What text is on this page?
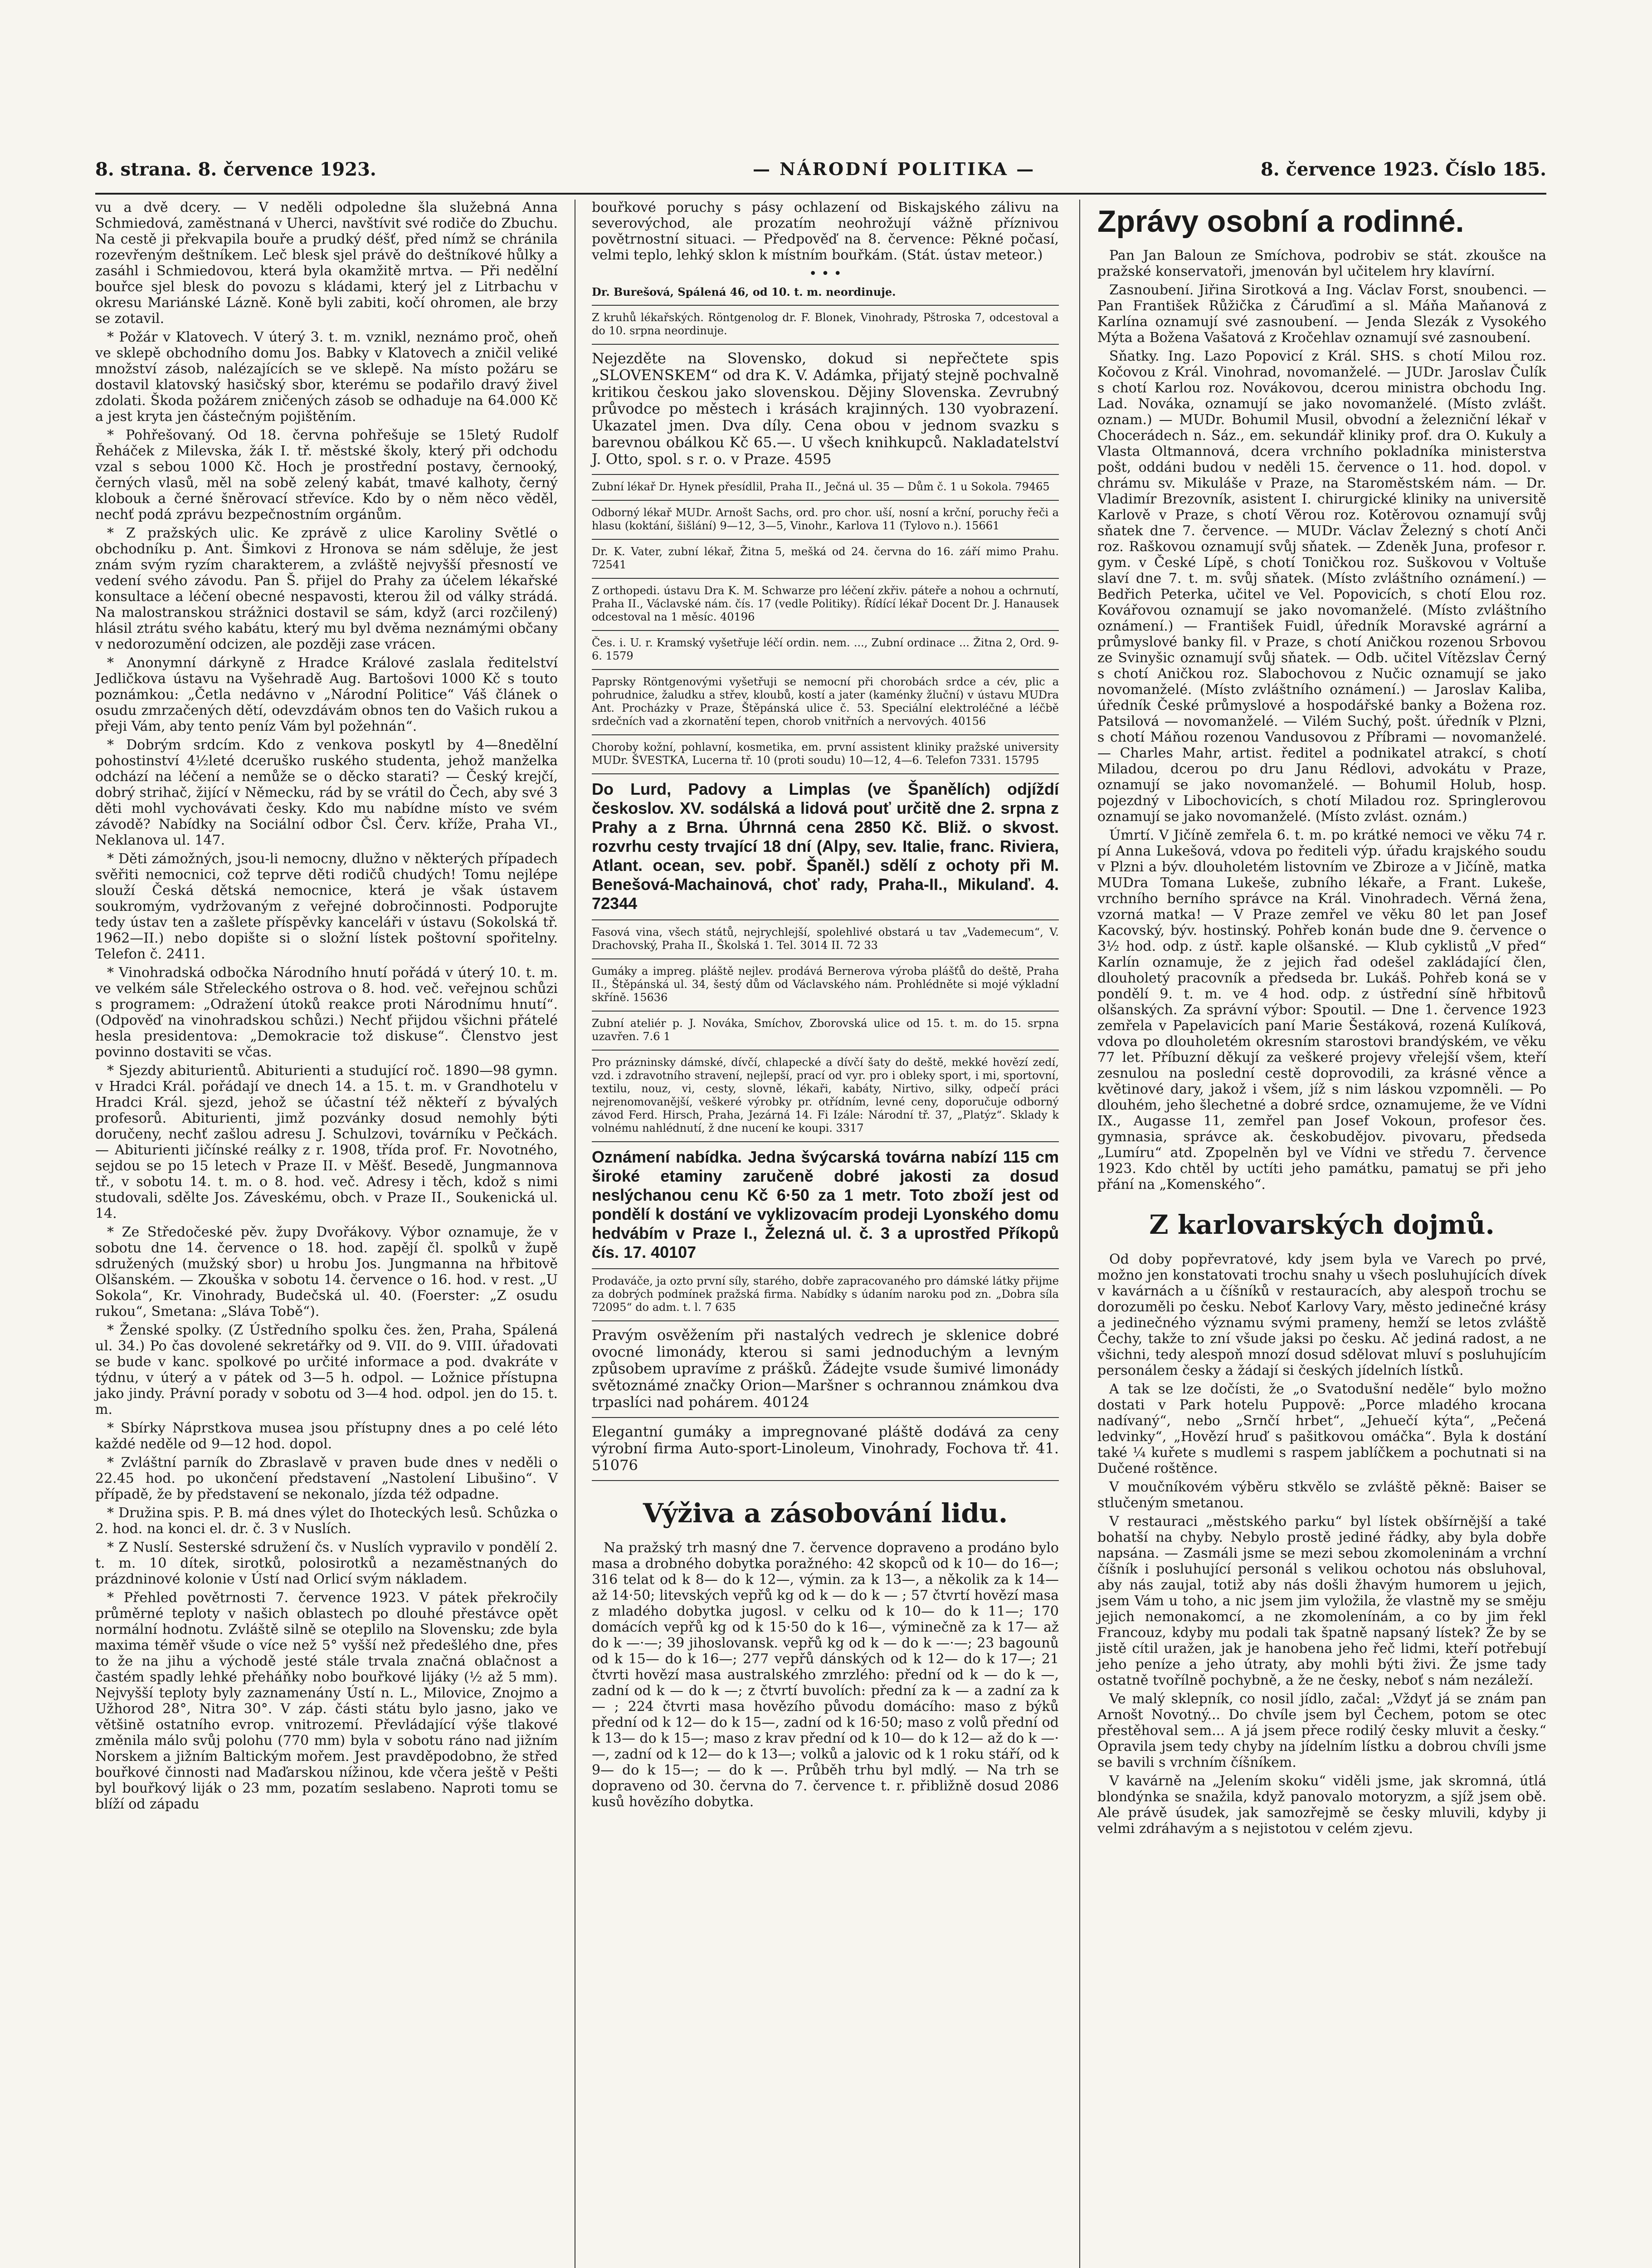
8. strana. 8. července 1923.	— NÁRODNÍ POLITIKA —	8. července 1923. Číslo 185.

vu a dvě dcery. — V neděli odpoledne šla služebná Anna Schmiedová, zaměstnaná v Uherci, navštívit své rodiče do Zbuchu. Na cestě ji překvapila bouře a prudký déšť, před nímž se chránila rozevřeným deštníkem. Leč blesk sjel právě do deštníkové hůlky a zasáhl i Schmiedovou, která byla okamžitě mrtva. — Při nedělní bouřce sjel blesk do povozu s kládami, který jel z Litrbachu v okresu Mariánské Lázně. Koně byli zabiti, kočí ohromen, ale brzy se zotavil.

* Požár v Klatovech. V úterý 3. t. m. vznikl, neznámo proč, oheň ve sklepě obchodního domu Jos. Babky v Klatovech a zničil veliké množství zásob, nalézajících se ve sklepě. Na místo požáru se dostavil klatovský hasičský sbor, kterému se podařilo dravý živel zdolati. Škoda požárem zničených zásob se odhaduje na 64.000 Kč a jest kryta jen částečným pojištěním.

* Pohřešovaný. Od 18. června pohřešuje se 15letý Rudolf Řeháček z Milevska, žák I. tř. městské školy, který při odchodu vzal s sebou 1000 Kč. Hoch je prostřední postavy, černooký, černých vlasů, měl na sobě zelený kabát, tmavé kalhoty, černý klobouk a černé šněrovací střevíce. Kdo by o něm něco věděl, nechť podá zprávu bezpečnostním orgánům.

* Z pražských ulic. Ke zprávě z ulice Karoliny Světlé o obchodníku p. Ant. Šimkovi z Hronova se nám sděluje, že jest znám svým ryzím charakterem, a zvláště nejvyšší přesností ve vedení svého závodu. Pan Š. přijel do Prahy za účelem lékařské konsultace a léčení obecné nespavosti, kterou žil od války strádá. Na malostranskou strážnici dostavil se sám, když (arci rozčilený) hlásil ztrátu svého kabátu, který mu byl dvěma neznámými občany v nedorozumění odcizen, ale později zase vrácen.

* Anonymní dárkyně z Hradce Králové zaslala ředitelství Jedličkova ústavu na Vyšehradě Aug. Bartošovi 1000 Kč s touto poznámkou: „Četla nedávno v „Národní Politice“ Váš článek o osudu zmrzačených dětí, odevzdávám obnos ten do Vašich rukou a přeji Vám, aby tento peníz Vám byl požehnán“.

* Dobrým srdcím. Kdo z venkova poskytl by 4—8nedělní pohostinství 4½leté dceruško ruského studenta, jehož manželka odchází na léčení a nemůže se o děcko starati? — Český krejčí, dobrý strihač, žijící v Německu, rád by se vrátil do Čech, aby své 3 děti mohl vychovávati česky. Kdo mu nabídne místo ve svém závodě? Nabídky na Sociální odbor Čsl. Červ. kříže, Praha VI., Neklanova ul. 147.

* Děti zámožných, jsou-li nemocny, dlužno v některých případech svěřiti nemocnici, což teprve děti rodičů chudých! Tomu nejlépe slouží Česká dětská nemocnice, která je však ústavem soukromým, vydržovaným z veřejné dobročinnosti. Podporujte tedy ústav ten a zašlete příspěvky kanceláři v ústavu (Sokolská tř. 1962—II.) nebo dopište si o složní lístek poštovní spořitelny. Telefon č. 2411.

* Vinohradská odbočka Národního hnutí pořádá v úterý 10. t. m. ve velkém sále Střeleckého ostrova o 8. hod. več. veřejnou schůzi s programem: „Odražení útoků reakce proti Národnímu hnutí“. (Odpověď na vinohradskou schůzi.) Nechť přijdou všichni přátelé hesla presidentova: „Demokracie tož diskuse“. Členstvo jest povinno dostaviti se včas.

* Sjezdy abiturientů. Abiturienti a studující roč. 1890—98 gymn. v Hradci Král. pořádají ve dnech 14. a 15. t. m. v Grandhotelu v Hradci Král. sjezd, jehož se účastní též někteří z bývalých profesorů. Abiturienti, jimž pozvánky dosud nemohly býti doručeny, nechť zašlou adresu J. Schulzovi, továrníku v Pečkách. — Abiturienti jičínské reálky z r. 1908, třída prof. Fr. Novotného, sejdou se po 15 letech v Praze II. v Měšť. Besedě, Jungmannova tř., v sobotu 14. t. m. o 8. hod. več. Adresy i těch, kdož s nimi studovali, sdělte Jos. Záveskému, obch. v Praze II., Soukenická ul. 14.

* Ze Středočeské pěv. župy Dvořákovy. Výbor oznamuje, že v sobotu dne 14. července o 18. hod. zapějí čl. spolků v župě sdružených (mužský sbor) u hrobu Jos. Jungmanna na hřbitově Olšanském. — Zkouška v sobotu 14. července o 16. hod. v rest. „U Sokola“, Kr. Vinohrady, Budečská ul. 40. (Foerster: „Z osudu rukou“, Smetana: „Sláva Tobě“).

* Ženské spolky. (Z Ústředního spolku čes. žen, Praha, Spálená ul. 34.) Po čas dovolené sekretářky od 9. VII. do 9. VIII. úřadovati se bude v kanc. spolkové po určité informace a pod. dvakráte v týdnu, v úterý a v pátek od 3—5 h. odpol. — Ložnice přístupna jako jindy. Právní porady v sobotu od 3—4 hod. odpol. jen do 15. t. m.

* Sbírky Náprstkova musea jsou přístupny dnes a po celé léto každé neděle od 9—12 hod. dopol.

* Zvláštní parník do Zbraslavě v praven bude dnes v neděli o 22.45 hod. po ukončení představení „Nastolení Libušino“. V případě, že by představení se nekonalo, jízda též odpadne.

* Družina spis. P. B. má dnes výlet do Ihoteckých lesů. Schůzka o 2. hod. na konci el. dr. č. 3 v Nuslích.

* Z Nuslí. Sesterské sdružení čs. v Nuslích vypravilo v pondělí 2. t. m. 10 dítek, sirotků, polosirotků a nezaměstnaných do prázdninové kolonie v Ústí nad Orlicí svým nákladem.

* Přehled povětrnosti 7. července 1923. V pátek překročily průměrné teploty v našich oblastech po dlouhé přestávce opět normální hodnotu. Zvláště silně se oteplilo na Slovensku; zde byla maxima téměř všude o více než 5° vyšší než předešlého dne, přes to že na jihu a východě jesté stále trvala značná oblačnost a častém spadly lehké přeháňky nobo bouřkové lijáky (½ až 5 mm). Nejvyšší teploty byly zaznamenány Ústí n. L., Milovice, Znojmo a Užhorod 28°, Nitra 30°. V záp. části státu bylo jasno, jako ve většině ostatního evrop. vnitrozemí. Převládající výše tlakové změnila málo svůj polohu (770 mm) byla v sobotu ráno nad jižním Norskem a jižním Baltickým mořem. Jest pravděpodobno, že střed bouřkové činnosti nad Maďarskou nížinou, kde včera ještě v Pešti byl bouřkový liják o 23 mm, pozatím seslabeno. Naproti tomu se blíží od západu

bouřkové poruchy s pásy ochlazení od Biskajského zálivu na severovýchod, ale prozatím neohrožují vážně příznivou povětrnostní situaci. — Předpověď na 8. července: Pěkné počasí, velmi teplo, lehký sklon k místním bouřkám. (Stát. ústav meteor.)

• • •

Dr. Burešová, Spálená 46, od 10. t. m. neordinuje.

Z kruhů lékařských. Röntgenolog dr. F. Blonek, Vinohrady, Pštroska 7, odcestoval a do 10. srpna neordinuje.

Nejezděte na Slovensko, dokud si nepřečtete spis „SLOVENSKEM“ od dra K. V. Adámka, přijatý stejně pochvalně kritikou českou jako slovenskou. Dějiny Slovenska. Zevrubný průvodce po městech i krásách krajinných. 130 vyobrazení. Ukazatel jmen. Dva díly. Cena obou v jednom svazku s barevnou obálkou Kč 65.—. U všech knihkupců. Nakladatelství J. Otto, spol. s r. o. v Praze. 4595

Zubní lékař Dr. Hynek přesídlil, Praha II., Ječná ul. 35 — Dům č. 1 u Sokola. 79465

Odborný lékař MUDr. Arnošt Sachs, ord. pro chor. uší, nosní a krční, poruchy řeči a hlasu (koktání, šišlání) 9—12, 3—5, Vinohr., Karlova 11 (Tylovo n.). 15661

Dr. K. Vater, zubní lékař, Žitna 5, mešká od 24. června do 16. září mimo Prahu. 72541

Z orthopedi. ústavu Dra K. M. Schwarze pro léčení zkřiv. páteře a nohou a ochrnutí, Praha II., Václavské nám. čís. 17 (vedle Politiky). Řídící lékař Docent Dr. J. Hanausek odcestoval na 1 měsíc. 40196

Čes. i. U. r. Kramský vyšetřuje léčí ordin. nem. ..., Zubní ordinace ... Žitna 2, Ord. 9-6. 1579

Paprsky Röntgenovými vyšetřuji se nemocní při chorobách srdce a cév, plic a pohrudnice, žaludku a střev, kloubů, kostí a jater (kaménky žluční) v ústavu MUDra Ant. Procházky v Praze, Štěpánská ulice č. 53. Speciální elektroléčné a léčbě srdečních vad a zkornatění tepen, chorob vnitřních a nervových. 40156

Choroby kožní, pohlavní, kosmetika, em. první assistent kliniky pražské university MUDr. ŠVESTKA, Lucerna tř. 10 (proti soudu) 10—12, 4—6. Telefon 7331. 15795

Do Lurd, Padovy a Limplas (ve Španělích) odjíždí českoslov. XV. sodálská a lidová pouť určitě dne 2. srpna z Prahy a z Brna. Úhrnná cena 2850 Kč. Bliž. o skvost. rozvrhu cesty trvající 18 dní (Alpy, sev. Italie, franc. Riviera, Atlant. ocean, sev. pobř. Španěl.) sdělí z ochoty při M. Benešová-Machainová, choť rady, Praha-II., Mikulanď. 4. 72344

Fasová vina, všech států, nejrychlejší, spolehlivé obstará u tav „Vademecum“, V. Drachovský, Praha II., Školská 1. Tel. 3014 II. 72 33

Gumáky a impreg. pláště nejlev. prodává Bernerova výroba plášťů do deště, Praha II., Štěpánská ul. 34, šestý dům od Václavského nám. Prohlédněte si mojé výkladní skříně. 15636

Zubní ateliér p. J. Nováka, Smíchov, Zborovská ulice od 15. t. m. do 15. srpna uzavřen. 7.6 1

Pro prázninsky dámské, dívčí, chlapecké a dívčí šaty do deště, mekké hovězí zedí, vzd. i zdravotního stravení, nejlepší, prací od vyr. pro i obleky sport, i mi, sportovní, textilu, nouz, vi, cesty, slovně, lékaři, kabáty, Nirtivo, silky, odpečí práci nejrenomovanější, veškeré výrobky pr. otřídním, levné ceny, doporučuje odborný závod Ferd. Hirsch, Praha, Jezárná 14. Fi Izále: Národní tř. 37, „Platýz“. Sklady k volnému nahlédnutí, ž dne nucení ke koupi. 3317

Oznámení nabídka. Jedna švýcarská továrna nabízí 115 cm široké etaminy zaručeně dobré jakosti za dosud neslýchanou cenu Kč 6·50 za 1 metr. Toto zboží jest od pondělí k dostání ve vyklizovacím prodeji Lyonského domu hedvábím v Praze I., Železná ul. č. 3 a uprostřed Příkopů čís. 17. 40107

Prodaváče, ja ozto první síly, starého, dobře zapracovaného pro dámské látky přijme za dobrých podmínek pražská firma. Nabídky s údaním naroku pod zn. „Dobra síla 72095“ do adm. t. l. 7 635

Pravým osvěžením při nastalých vedrech je sklenice dobré ovocné limonády, kterou si sami jednoduchým a levným způsobem upravíme z prášků. Žádejte vsude šumivé limonády světoznámé značky Orion—Maršner s ochrannou známkou dva trpaslíci nad pohárem. 40124

Elegantní gumáky a impregnované pláště dodává za ceny výrobní firma Auto-sport-Linoleum, Vinohrady, Fochova tř. 41. 51076

Výživa a zásobování lidu.

Na pražský trh masný dne 7. července dopraveno a prodáno bylo masa a drobného dobytka poražného: 42 skopců od k 10— do 16—; 316 telat od k 8— do k 12—, výmin. za k 13—, a několik za k 14— až 14·50; litevských vepřů kg od k — do k — ; 57 čtvrtí hovězí masa z mladého dobytka jugosl. v celku od k 10— do k 11—; 170 domácích vepřů kg od k 15·50 do k 16—, výminečně za k 17— až do k —·—; 39 jihoslovansk. vepřů kg od k — do k —·—; 23 bagounů od k 15— do k 16—; 277 vepřů dánských od k 12— do k 17—; 21 čtvrti hovězí masa australského zmrzlého: přední od k — do k —, zadní od k — do k —; z čtvrtí buvolích: přední za k — a zadní za k — ; 224 čtvrti masa hovězího původu domácího: maso z býků přední od k 12— do k 15—, zadní od k 16·50; maso z volů přední od k 13— do k 15—; maso z krav přední od k 10— do k 12— až do k —·—, zadní od k 12— do k 13—; volků a jalovic od k 1 roku stáří, od k 9— do k 15—; — do k —. Průběh trhu byl mdlý. — Na trh se dopraveno od 30. června do 7. července t. r. přibližně dosud 2086 kusů hovězího dobytka.

Zprávy osobní a rodinné.

Pan Jan Baloun ze Smíchova, podrobiv se stát. zkoušce na pražské konservatoři, jmenován byl učitelem hry klavírní.

Zasnoubení. Jiřina Sirotková a Ing. Václav Forst, snoubenci. — Pan František Růžička z Čáruďimí a sl. Máňa Maňanová z Karlína oznamují své zasnoubení. — Jenda Slezák z Vysokého Mýta a Božena Vašatová z Kročehlav oznamují své zasnoubení.

Sňatky. Ing. Lazo Popovicí z Král. SHS. s chotí Milou roz. Kočovou z Král. Vinohrad, novomanželé. — JUDr. Jaroslav Čulík s chotí Karlou roz. Novákovou, dcerou ministra obchodu Ing. Lad. Nováka, oznamují se jako novomanželé. (Místo zvlášt. oznam.) — MUDr. Bohumil Musil, obvodní a železniční lékař v Chocerádech n. Sáz., em. sekundář kliniky prof. dra O. Kukuly a Vlasta Oltmannová, dcera vrchního pokladníka ministerstva pošt, oddáni budou v neděli 15. července o 11. hod. dopol. v chrámu sv. Mikuláše v Praze, na Staroměstském nám. — Dr. Vladimír Brezovník, asistent I. chirurgické kliniky na universitě Karlově v Praze, s chotí Věrou roz. Kotěrovou oznamují svůj sňatek dne 7. července. — MUDr. Václav Železný s chotí Anči roz. Raškovou oznamují svůj sňatek. — Zdeněk Juna, profesor r. gym. v České Lípě, s chotí Toničkou roz. Suškovou v Voltuše slaví dne 7. t. m. svůj sňatek. (Místo zvláštního oznámení.) — Bedřich Peterka, učitel ve Vel. Popovicích, s chotí Elou roz. Kovářovou oznamují se jako novomanželé. (Místo zvláštního oznámení.) — František Fuidl, úředník Moravské agrární a průmyslové banky fil. v Praze, s chotí Aničkou rozenou Srbovou ze Svinyšic oznamují svůj sňatek. — Odb. učitel Vítězslav Černý s chotí Aničkou roz. Slabochovou z Nučic oznamují se jako novomanželé. (Místo zvláštního oznámení.) — Jaroslav Kaliba, úředník České průmyslové a hospodářské banky a Božena roz. Patsilová — novomanželé. — Vilém Suchý, pošt. úředník v Plzni, s chotí Máňou rozenou Vandusovou z Příbrami — novomanželé. — Charles Mahr, artist. ředitel a podnikatel atrakcí, s chotí Miladou, dcerou po dru Janu Rédlovi, advokátu v Praze, oznamují se jako novomanželé. — Bohumil Holub, hosp. pojezdný v Libochovicích, s chotí Miladou roz. Springlerovou oznamují se jako novomanželé. (Místo zvlást. oznám.)

Úmrtí. V Jičíně zemřela 6. t. m. po krátké nemoci ve věku 74 r. pí Anna Lukešová, vdova po řediteli výp. úřadu krajského soudu v Plzni a býv. dlouholetém listovním ve Zbiroze a v Jičíně, matka MUDra Tomana Lukeše, zubního lékaře, a Frant. Lukeše, vrchního berního správce na Král. Vinohradech. Věrná žena, vzorná matka! — V Praze zemřel ve věku 80 let pan Josef Kacovský, býv. hostinský. Pohřeb konán bude dne 9. července o 3½ hod. odp. z ústř. kaple olšanské. — Klub cyklistů „V před“ Karlín oznamuje, že z jejich řad odešel zakládající člen, dlouholetý pracovník a předseda br. Lukáš. Pohřeb koná se v pondělí 9. t. m. ve 4 hod. odp. z ústřední síně hřbitovů olšanských. Za správní výbor: Spoutil. — Dne 1. července 1923 zemřela v Papelavicích paní Marie Šestáková, rozená Kulíková, vdova po dlouholetém okresním starostovi brandýském, ve věku 77 let. Příbuzní děkují za veškeré projevy vřelejší všem, kteří zesnulou na poslední cestě doprovodili, za krásné věnce a květinové dary, jakož i všem, jíž s nim láskou vzpomněli. — Po dlouhém, jeho šlechetné a dobré srdce, oznamujeme, že ve Vídni IX., Augasse 11, zemřel pan Josef Vokoun, profesor čes. gymnasia, správce ak. českobudějov. pivovaru, předseda „Lumíru“ atd. Zpopelněn byl ve Vídni ve středu 7. července 1923. Kdo chtěl by uctíti jeho památku, pamatuj se při jeho přání na „Komenského“.

Z karlovarských dojmů.

Od doby popřevratové, kdy jsem byla ve Varech po prvé, možno jen konstatovati trochu snahy u všech posluhujících dívek v kavárnách a u číšníků v restauracích, aby alespoň trochu se dorozuměli po česku. Neboť Karlovy Vary, město jedinečné krásy a jedinečného významu svými prameny, hemží se letos zvláště Čechy, takže to zní všude jaksi po česku. Ač jediná radost, a ne všichni, tedy alespoň mnozí dosud sdělovat mluví s posluhujícím personálem česky a žádají si českých jídelních lístků.

A tak se lze dočísti, že „o Svatodušní neděle“ bylo možno dostati v Park hotelu Puppově: „Porce mladého krocana nadívaný“, nebo „Srnčí hrbet“, „Jehuečí kýta“, „Pečená ledvinky“, „Hovězí hruď s pašitkovou omáčka“. Byla k dostání také ¼ kuřete s mudlemi s raspem jablíčkem a pochutnati si na Dučené roštěnce.

V moučníkovém výběru stkvělo se zvláště pěkně: Baiser se stlučeným smetanou.

V restauraci „městského parku“ byl lístek obšírnější a také bohatší na chyby. Nebylo prostě jediné řádky, aby byla dobře napsána. — Zasmáli jsme se mezi sebou zkomoleninám a vrchní číšník i posluhující personál s velikou ochotou nás obsluhoval, aby nás zaujal, totiž aby nás došli žhavým humorem u jejich, jsem Vám u toho, a nic jsem jim vyložila, že vlastně my se směju jejich nemonakomcí, a ne zkomolenínám, a co by jim řekl Francouz, kdyby mu podali tak špatně napsaný lístek? Že by se jistě cítil uražen, jak je hanobena jeho řeč lidmi, kteří potřebují jeho peníze a jeho útraty, aby mohli býti živi. Že jsme tady ostatně tvořílně pochybně, a že ne česky, neboť s nám nezáleží.

Ve malý sklepník, co nosil jídlo, začal: „Vždyť já se znám pan Arnošt Novotný... Do chvíle jsem byl Čechem, potom se otec přestěhoval sem... A já jsem přece rodilý česky mluvit a česky.“ Opravila jsem tedy chyby na jídelním lístku a dobrou chvíli jsme se bavili s vrchním číšníkem.

V kavárně na „Jelením skoku“ viděli jsme, jak skromná, útlá blondýnka se snažila, když panovalo motoryzm, a sjíž jsem obě. Ale právě úsudek, jak samozřejmě se česky mluvili, kdyby ji velmi zdráhavým a s nejistotou v celém zjevu.
